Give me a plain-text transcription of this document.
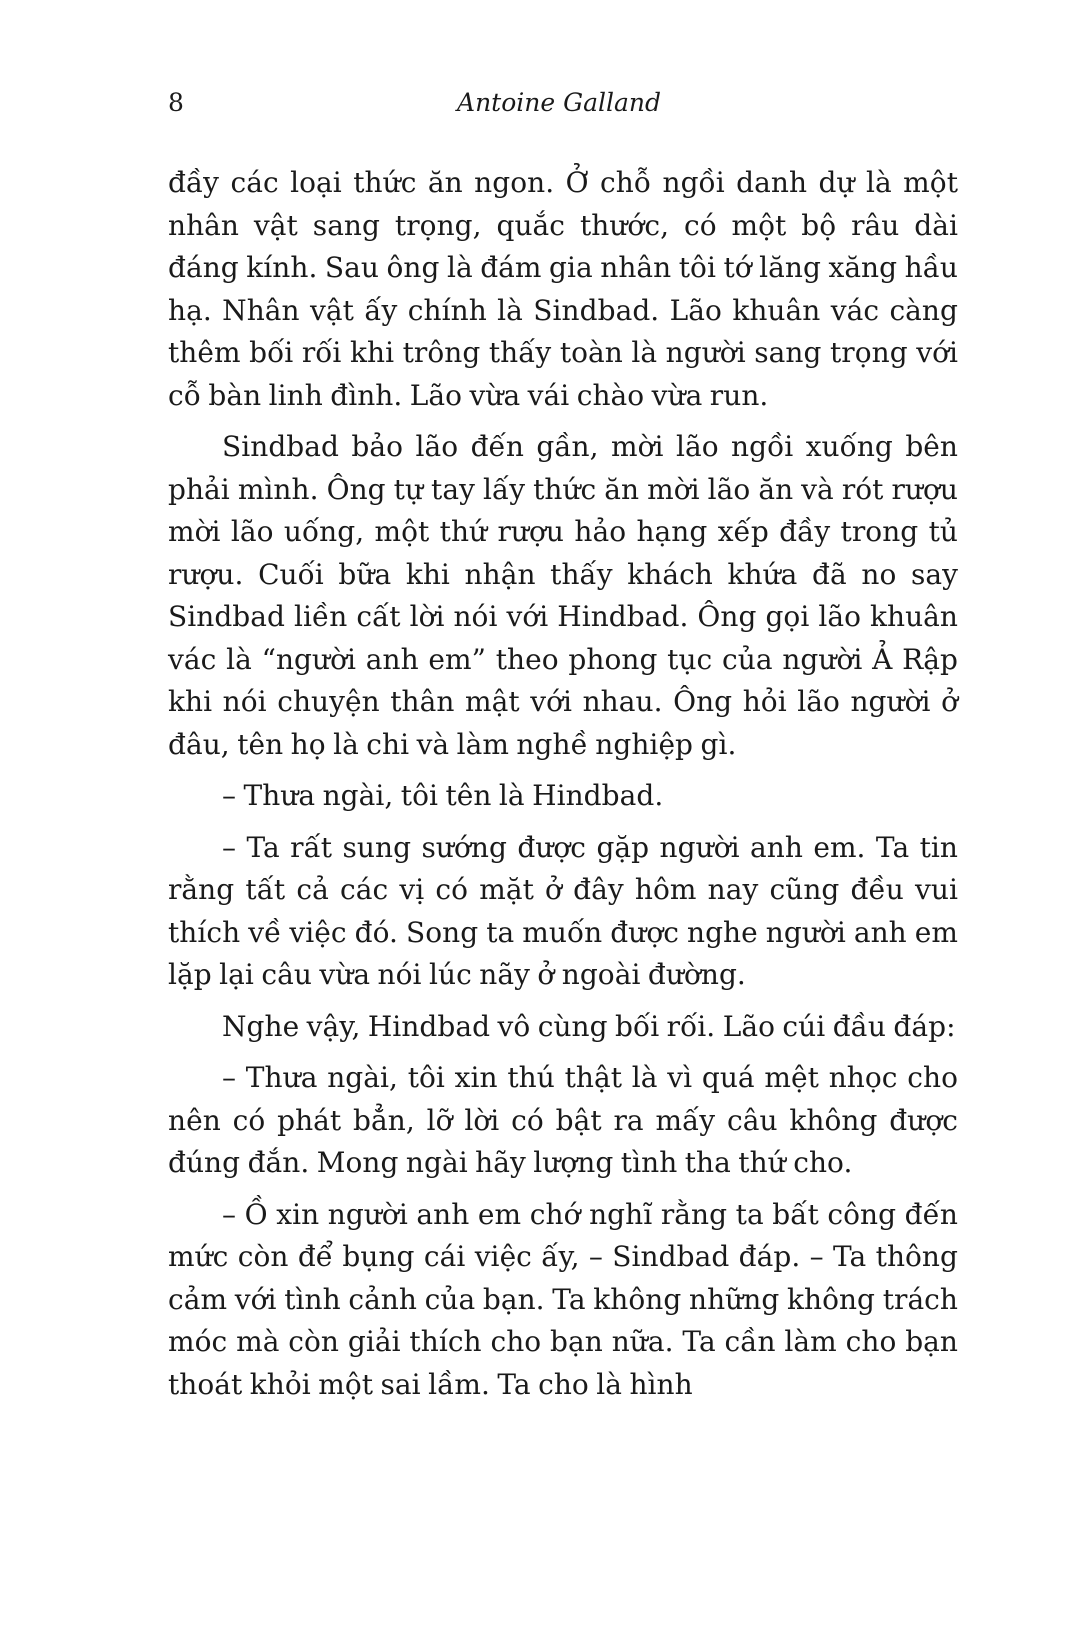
8	Antoine Galland

đầy các loại thức ăn ngon. Ở chỗ ngồi danh dự là một nhân vật sang trọng, quắc thước, có một bộ râu dài đáng kính. Sau ông là đám gia nhân tôi tớ lăng xăng hầu hạ. Nhân vật ấy chính là Sindbad. Lão khuân vác càng thêm bối rối khi trông thấy toàn là người sang trọng với cỗ bàn linh đình. Lão vừa vái chào vừa run.

Sindbad bảo lão đến gần, mời lão ngồi xuống bên phải mình. Ông tự tay lấy thức ăn mời lão ăn và rót rượu mời lão uống, một thứ rượu hảo hạng xếp đầy trong tủ rượu. Cuối bữa khi nhận thấy khách khứa đã no say Sindbad liền cất lời nói với Hindbad. Ông gọi lão khuân vác là “người anh em” theo phong tục của người Ả Rập khi nói chuyện thân mật với nhau. Ông hỏi lão người ở đâu, tên họ là chi và làm nghề nghiệp gì.

– Thưa ngài, tôi tên là Hindbad.

– Ta rất sung sướng được gặp người anh em. Ta tin rằng tất cả các vị có mặt ở đây hôm nay cũng đều vui thích về việc đó. Song ta muốn được nghe người anh em lặp lại câu vừa nói lúc nãy ở ngoài đường.

Nghe vậy, Hindbad vô cùng bối rối. Lão cúi đầu đáp:

– Thưa ngài, tôi xin thú thật là vì quá mệt nhọc cho nên có phát bẳn, lỡ lời có bật ra mấy câu không được đúng đắn. Mong ngài hãy lượng tình tha thứ cho.

– Ồ xin người anh em chớ nghĩ rằng ta bất công đến mức còn để bụng cái việc ấy, – Sindbad đáp. – Ta thông cảm với tình cảnh của bạn. Ta không những không trách móc mà còn giải thích cho bạn nữa. Ta cần làm cho bạn thoát khỏi một sai lầm. Ta cho là hình
